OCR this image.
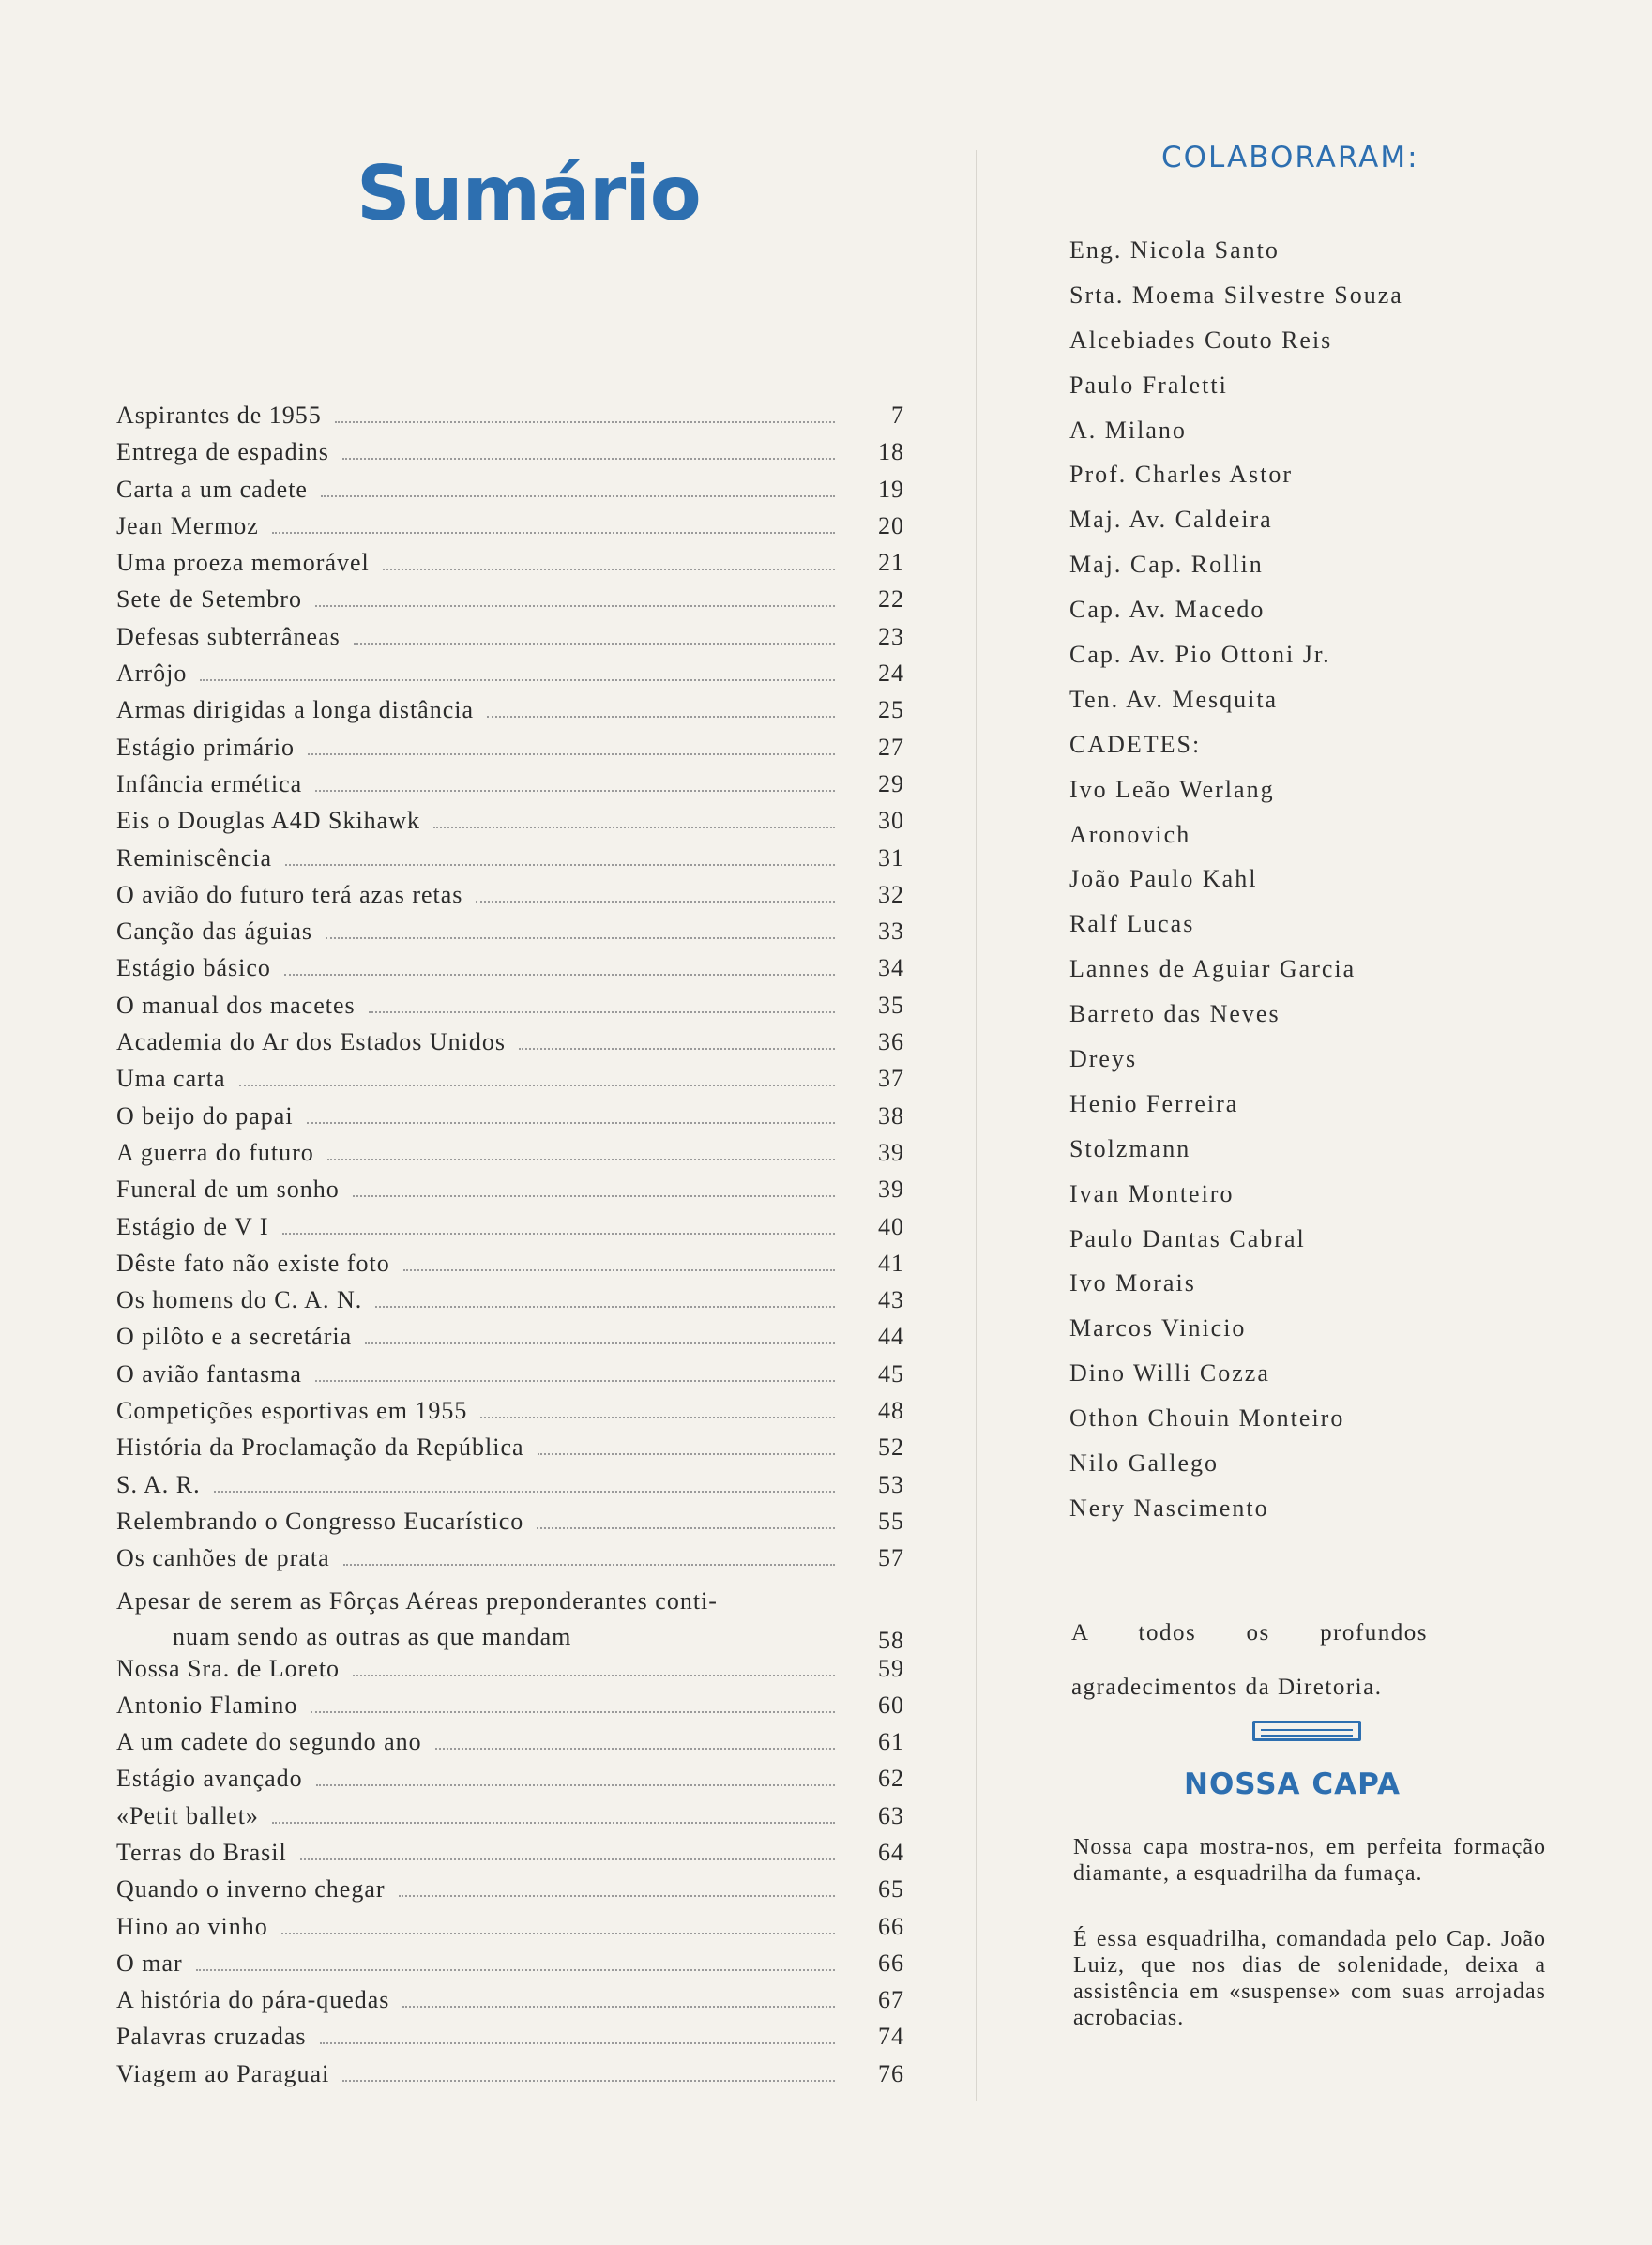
Sumário
Aspirantes de 1955	7
Entrega de espadins	18
Carta a um cadete	19
Jean Mermoz	20
Uma proeza memorável	21
Sete de Setembro	22
Defesas subterrâneas	23
Arrôjo	24
Armas dirigidas a longa distância	25
Estágio primário	27
Infância ermética	29
Eis o Douglas A4D Skihawk	30
Reminiscência	31
O avião do futuro terá azas retas	32
Canção das águias	33
Estágio básico	34
O manual dos macetes	35
Academia do Ar dos Estados Unidos	36
Uma carta	37
O beijo do papai	38
A guerra do futuro	39
Funeral de um sonho	39
Estágio de V I	40
Dêste fato não existe foto	41
Os homens do C. A. N.	43
O pilôto e a secretária	44
O avião fantasma	45
Competições esportivas em 1955	48
História da Proclamação da República	52
S. A. R.	53
Relembrando o Congresso Eucarístico	55
Os canhões de prata	57
Apesar de serem as Fôrças Aéreas preponderantes conti-
nuam sendo as outras as que mandam	58
Nossa Sra. de Loreto	59
Antonio Flamino	60
A um cadete do segundo ano	61
Estágio avançado	62
«Petit ballet»	63
Terras do Brasil	64
Quando o inverno chegar	65
Hino ao vinho	66
O mar	66
A história do pára-quedas	67
Palavras cruzadas	74
Viagem ao Paraguai	76
COLABORARAM:
Eng. Nicola Santo
Srta. Moema Silvestre Souza
Alcebiades Couto Reis
Paulo Fraletti
A. Milano
Prof. Charles Astor
Maj. Av. Caldeira
Maj. Cap. Rollin
Cap. Av. Macedo
Cap. Av. Pio Ottoni Jr.
Ten. Av. Mesquita
CADETES:
Ivo Leão Werlang
Aronovich
João Paulo Kahl
Ralf Lucas
Lannes de Aguiar Garcia
Barreto das Neves
Dreys
Henio Ferreira
Stolzmann
Ivan Monteiro
Paulo Dantas Cabral
Ivo Morais
Marcos Vinicio
Dino Willi Cozza
Othon Chouin Monteiro
Nilo Gallego
Nery Nascimento

A todos os profundos agradecimentos da Diretoria.

NOSSA CAPA

Nossa capa mostra-nos, em perfeita formação diamante, a esquadrilha da fumaça.

É essa esquadrilha, comandada pelo Cap. João Luiz, que nos dias de solenidade, deixa a assistência em «suspense» com suas arrojadas acrobacias.
